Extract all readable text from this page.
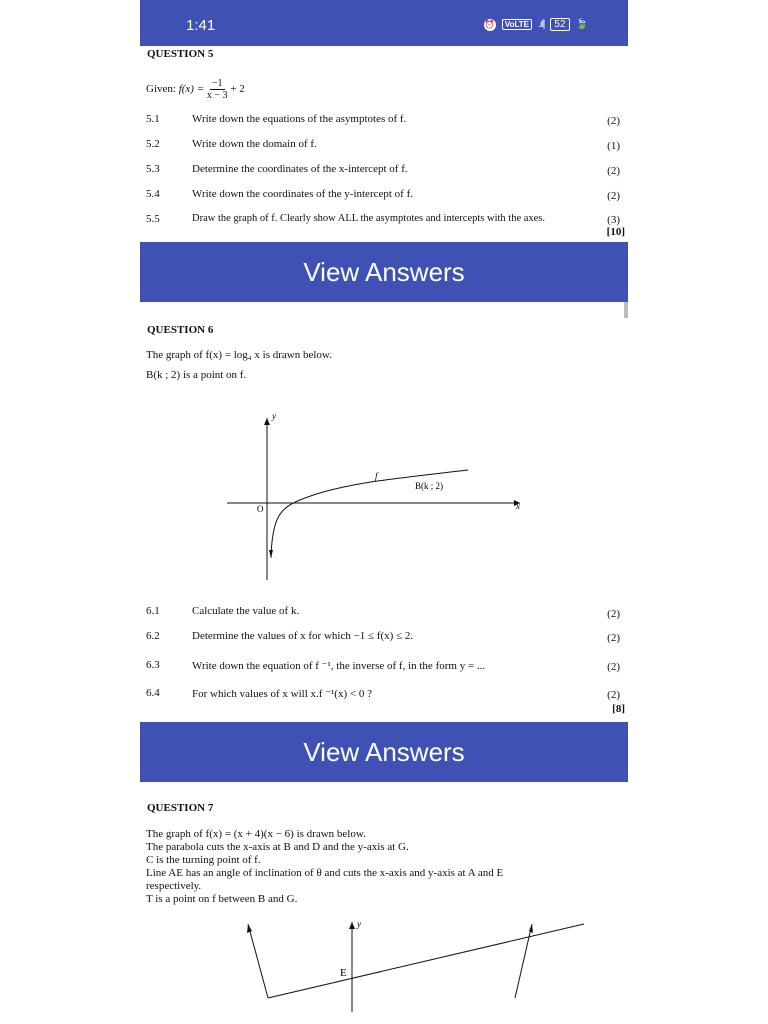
1:41	⏰	VoLTE .ıl|	52	🍃
QUESTION 5
Given: $f(x) = \frac{-1}{x - 3} + 2$
5.1	Write down the equations of the asymptotes of f.	(2)
5.2	Write down the domain of f.	(1)
5.3	Determine the coordinates of the x-intercept of f.	(2)
5.4	Write down the coordinates of the y-intercept of f.	(2)
5.5	Draw the graph of f. Clearly show ALL the asymptotes and intercepts with the axes.	(3)
[10]
View Answers
QUESTION 6
The graph of f(x) = log₄ x is drawn below.
B(k ; 2) is a point on f.
y
x
O
f
B(k ; 2)
6.1	Calculate the value of k.	(2)
6.2	Determine the values of x for which −1 ≤ f(x) ≤ 2.	(2)
6.3	Write down the equation of f ⁻¹, the inverse of f, in the form y = ...	(2)
6.4	For which values of x will x.f ⁻¹(x) < 0 ?	(2)
[8]
View Answers
QUESTION 7
The graph of f(x) = (x + 4)(x − 6) is drawn below.
The parabola cuts the x-axis at B and D and the y-axis at G.
C is the turning point of f.
Line AE has an angle of inclination of θ and cuts the x-axis and y-axis at A and E
respectively.
T is a point on f between B and G.
y
E
